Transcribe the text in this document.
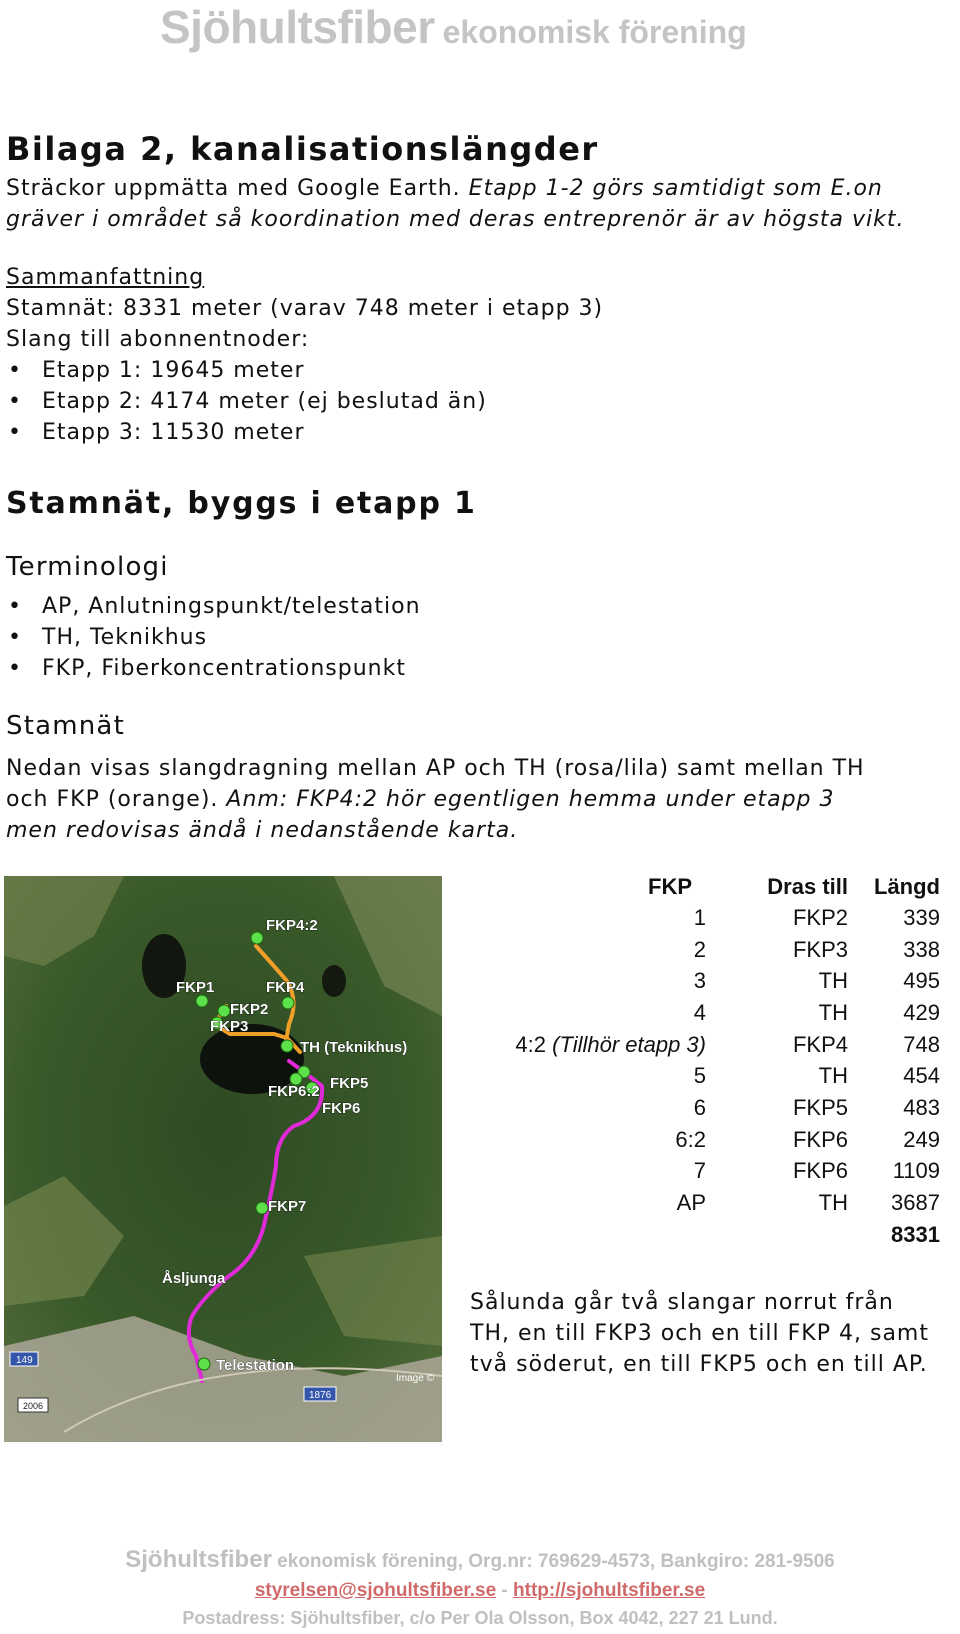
Sjöhultsfiber ekonomisk förening
Bilaga 2, kanalisationslängder
Sträckor uppmätta med Google Earth. Etapp 1-2 görs samtidigt som E.on
gräver i området så koordination med deras entreprenör är av högsta vikt.
Sammanfattning
Stamnät: 8331 meter (varav 748 meter i etapp 3)
Slang till abonnentnoder:
• Etapp 1: 19645 meter
• Etapp 2: 4174 meter (ej beslutad än)
• Etapp 3: 11530 meter
Stamnät, byggs i etapp 1
Terminologi
• AP, Anlutningspunkt/telestation
• TH, Teknikhus
• FKP, Fiberkoncentrationspunkt
Stamnät
Nedan visas slangdragning mellan AP och TH (rosa/lila) samt mellan TH
och FKP (orange). Anm: FKP4:2 hör egentligen hemma under etapp 3
men redovisas ändå i nedanstående karta.
FKP4:2
FKP1	FKP4
FKP2
FKP3
TH (Teknikhus)
FKP6:2 FKP5
FKP6
FKP7
Åsljunga
Telestation
Image ©
2006
1876
149
FKP	Dras till	Längd
1	FKP2	339
2	FKP3	338
3	TH	495
4	TH	429
4:2 (Tillhör etapp 3)	FKP4	748
5	TH	454
6	FKP5	483
6:2	FKP6	249
7	FKP6	1109
AP	TH	3687
		8331
Sålunda går två slangar norrut från
TH, en till FKP3 och en till FKP 4, samt
två söderut, en till FKP5 och en till AP.
Sjöhultsfiber ekonomisk förening, Org.nr: 769629-4573, Bankgiro: 281-9506
styrelsen@sjohultsfiber.se - http://sjohultsfiber.se
Postadress: Sjöhultsfiber, c/o Per Ola Olsson, Box 4042, 227 21 Lund.
